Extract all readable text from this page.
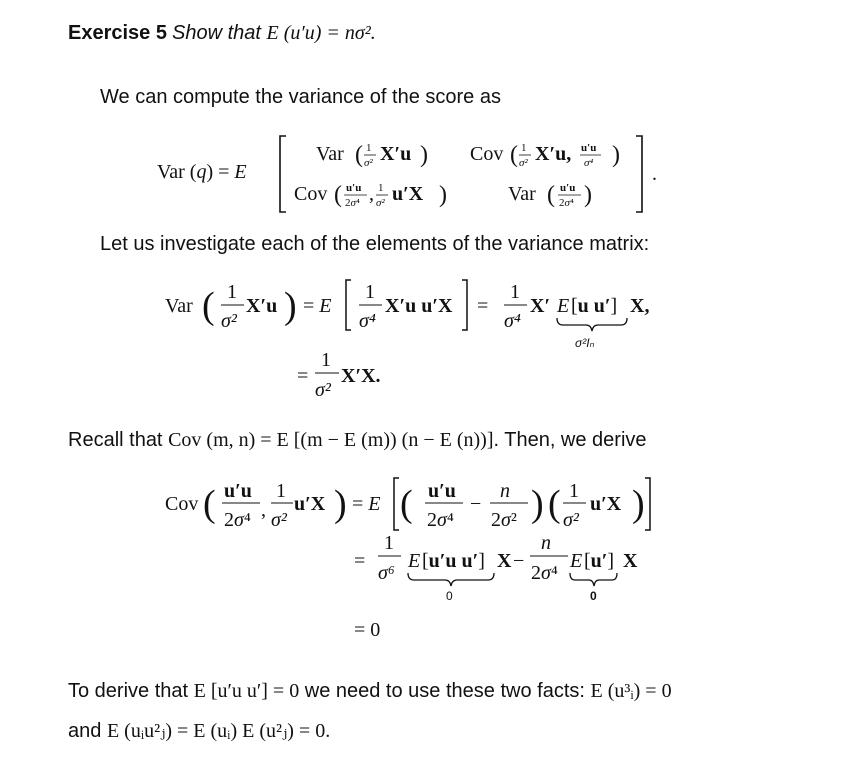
Exercise 5 Show that E (u′u) = nσ².
We can compute the variance of the score as
Var (q) = E
Var ( 1
σ² X′u ) Cov ( 1
σ² X′u, u′u
σ⁴ )
Cov ( u′u
2σ⁴ , 1
σ² u′X )	Var ( u′u
2σ⁴ )
.
Let us investigate each of the elements of the variance matrix:
Var ( 1
σ²
X′u ) = E
1
σ⁴
X′u u′X =
1
σ⁴
X′ E [u u′] X,
σ²Iₙ
=
1
σ²
X′X.
Recall that Cov (m, n) = E [(m − E (m)) (n − E (n))]. Then, we derive
Cov ( u′u
2σ⁴ ,
1
σ²
u′X ) = E ( u′u
2σ⁴
−
n
2σ² ) ( 1
σ²
u′X )
=
1
σ⁶
E [u′u u′] X −
n
2σ⁴
E [u′] X
0	0
= 0
To derive that E [u′u u′] = 0 we need to use these two facts: E (u³ᵢ) = 0
and E (uᵢu²ⱼ) = E (uᵢ) E (u²ⱼ) = 0.
